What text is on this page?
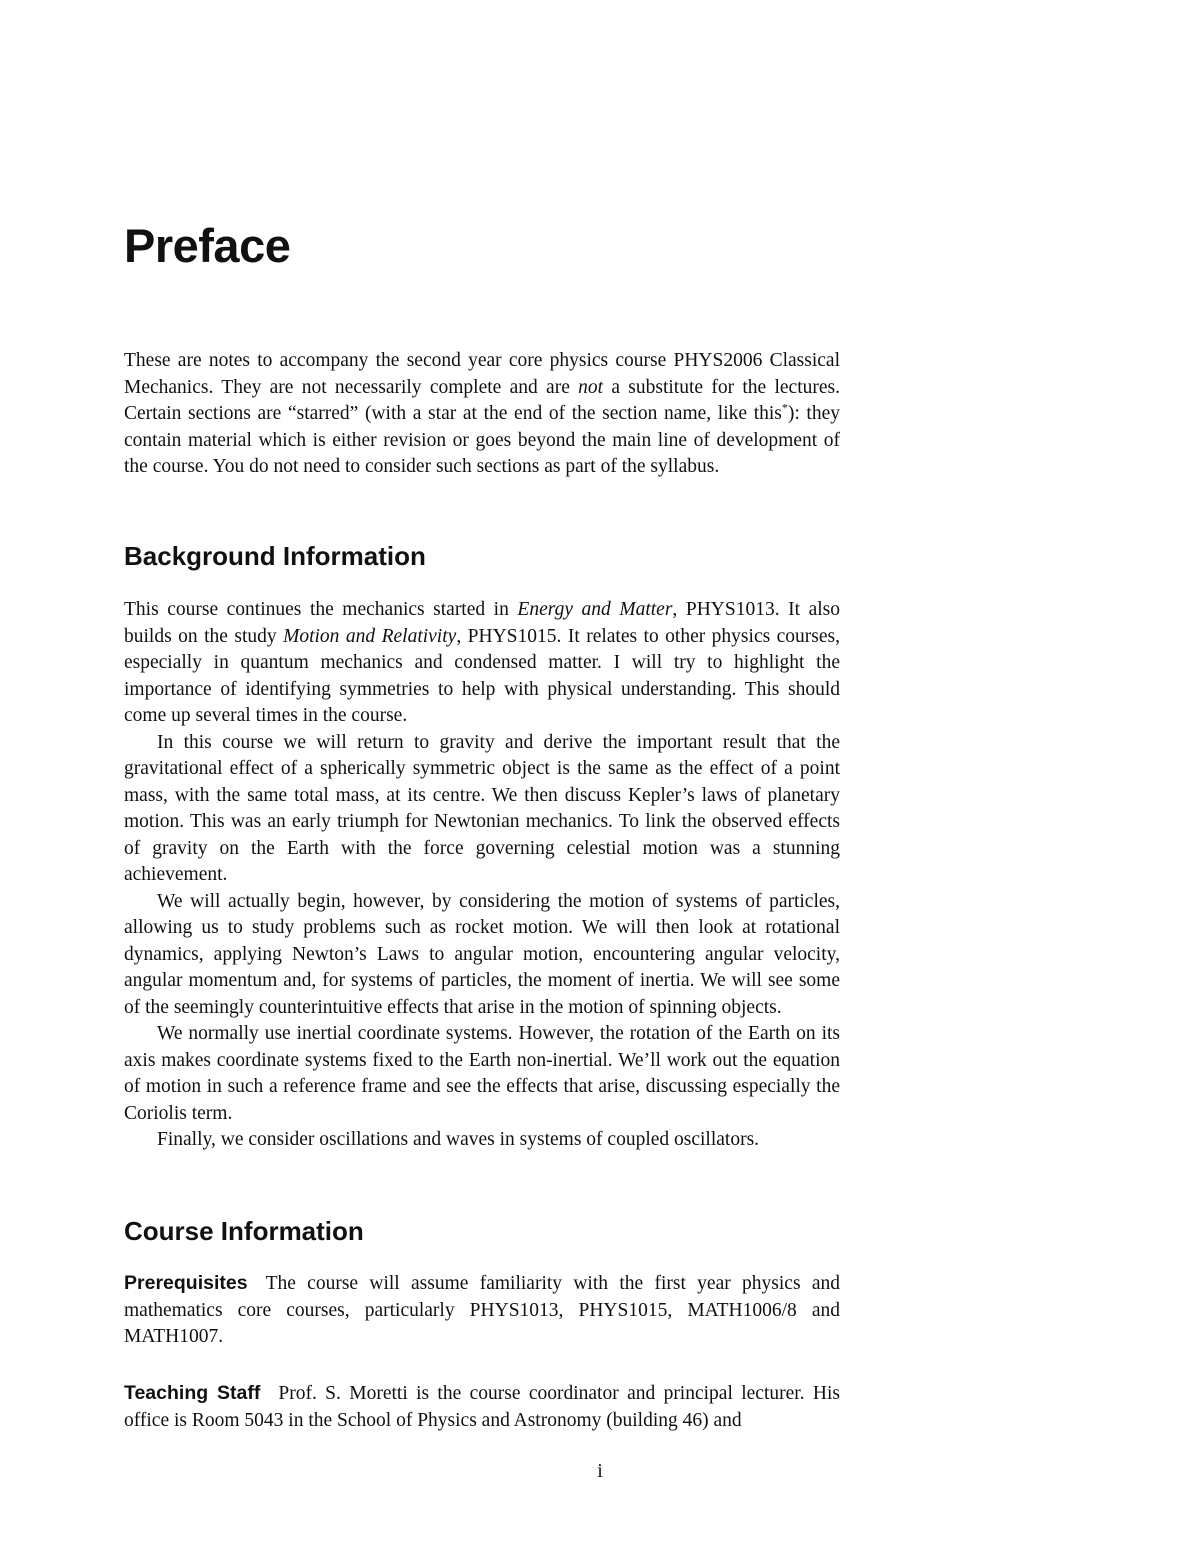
Preface

These are notes to accompany the second year core physics course PHYS2006 Classical Mechanics. They are not necessarily complete and are not a substitute for the lectures. Certain sections are “starred” (with a star at the end of the section name, like this*): they contain material which is either revision or goes beyond the main line of development of the course. You do not need to consider such sections as part of the syllabus.

Background Information

This course continues the mechanics started in Energy and Matter, PHYS1013. It also builds on the study Motion and Relativity, PHYS1015. It relates to other physics courses, especially in quantum mechanics and condensed matter. I will try to highlight the importance of identifying symmetries to help with physical understanding. This should come up several times in the course.

In this course we will return to gravity and derive the important result that the gravitational effect of a spherically symmetric object is the same as the effect of a point mass, with the same total mass, at its centre. We then discuss Kepler’s laws of planetary motion. This was an early triumph for Newtonian mechanics. To link the observed effects of gravity on the Earth with the force governing celestial motion was a stunning achievement.

We will actually begin, however, by considering the motion of systems of particles, allowing us to study problems such as rocket motion. We will then look at rotational dynamics, applying Newton’s Laws to angular motion, encountering angular velocity, angular momentum and, for systems of particles, the moment of inertia. We will see some of the seemingly counterintuitive effects that arise in the motion of spinning objects.

We normally use inertial coordinate systems. However, the rotation of the Earth on its axis makes coordinate systems fixed to the Earth non-inertial. We’ll work out the equation of motion in such a reference frame and see the effects that arise, discussing especially the Coriolis term.

Finally, we consider oscillations and waves in systems of coupled oscillators.

Course Information

Prerequisites The course will assume familiarity with the first year physics and mathematics core courses, particularly PHYS1013, PHYS1015, MATH1006/8 and MATH1007.

Teaching Staff Prof. S. Moretti is the course coordinator and principal lecturer. His office is Room 5043 in the School of Physics and Astronomy (building 46) and

i
